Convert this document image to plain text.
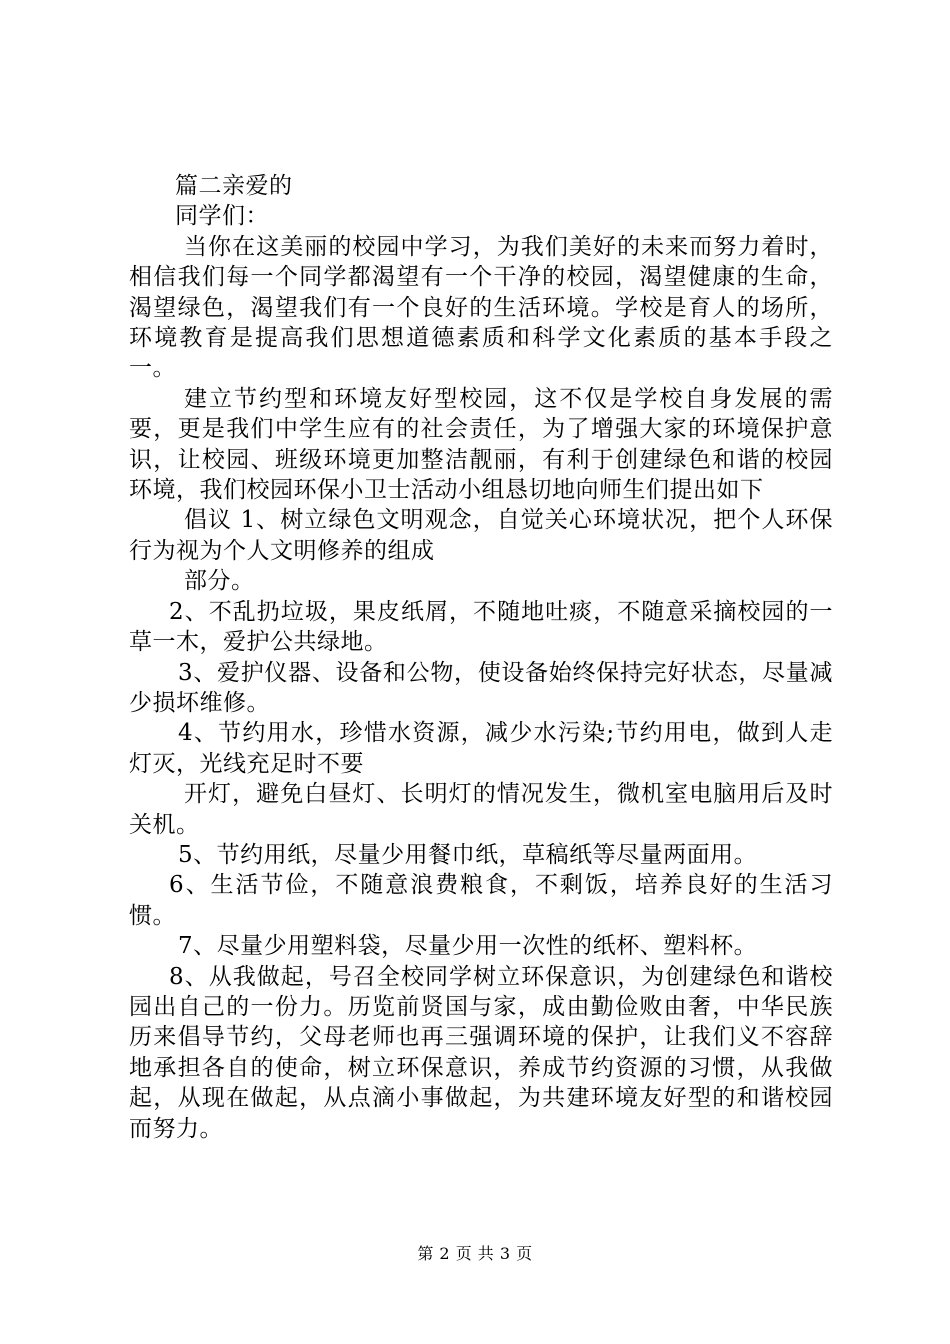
篇二亲爱的

同学们：

当你在这美丽的校园中学习，为我们美好的未来而努力着时，相信我们每一个同学都渴望有一个干净的校园，渴望健康的生命，渴望绿色，渴望我们有一个良好的生活环境。学校是育人的场所，环境教育是提高我们思想道德素质和科学文化素质的基本手段之一。

建立节约型和环境友好型校园，这不仅是学校自身发展的需要，更是我们中学生应有的社会责任，为了增强大家的环境保护意识，让校园、班级环境更加整洁靓丽，有利于创建绿色和谐的校园环境，我们校园环保小卫士活动小组恳切地向师生们提出如下

倡议 1、树立绿色文明观念，自觉关心环境状况，把个人环保行为视为个人文明修养的组成

部分。

2、不乱扔垃圾，果皮纸屑，不随地吐痰，不随意采摘校园的一草一木，爱护公共绿地。

3、爱护仪器、设备和公物，使设备始终保持完好状态，尽量减少损坏维修。

4、节约用水，珍惜水资源，减少水污染;节约用电，做到人走灯灭，光线充足时不要

开灯，避免白昼灯、长明灯的情况发生，微机室电脑用后及时关机。

5、节约用纸，尽量少用餐巾纸，草稿纸等尽量两面用。

6、生活节俭，不随意浪费粮食，不剩饭，培养良好的生活习惯。

7、尽量少用塑料袋，尽量少用一次性的纸杯、塑料杯。

8、从我做起，号召全校同学树立环保意识，为创建绿色和谐校园出自己的一份力。历览前贤国与家，成由勤俭败由奢，中华民族历来倡导节约，父母老师也再三强调环境的保护，让我们义不容辞地承担各自的使命，树立环保意识，养成节约资源的习惯，从我做起，从现在做起，从点滴小事做起，为共建环境友好型的和谐校园而努力。

第 2 页 共 3 页
